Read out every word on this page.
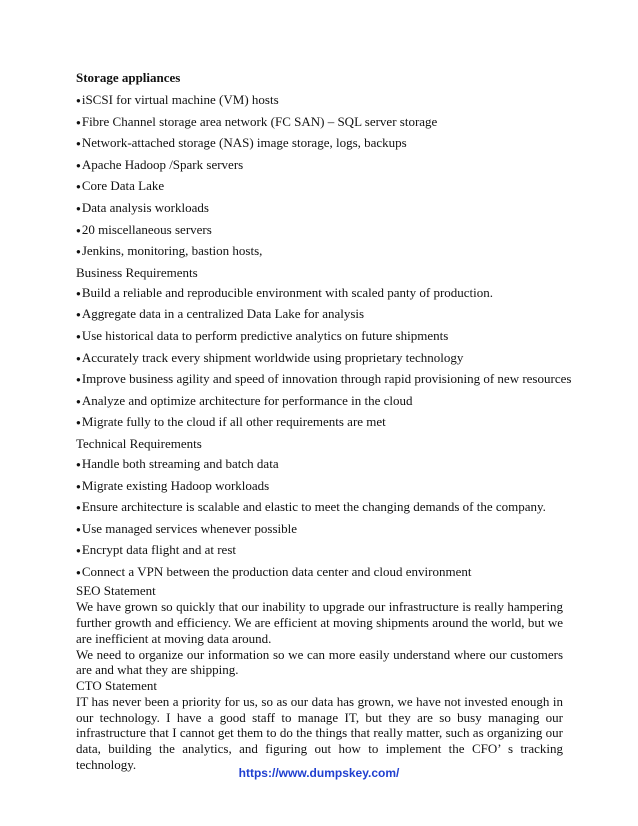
Storage appliances
●iSCSI for virtual machine (VM) hosts
●Fibre Channel storage area network (FC SAN) – SQL server storage
●Network-attached storage (NAS) image storage, logs, backups
●Apache Hadoop /Spark servers
●Core Data Lake
●Data analysis workloads
●20 miscellaneous servers
●Jenkins, monitoring, bastion hosts,
Business Requirements
●Build a reliable and reproducible environment with scaled panty of production.
●Aggregate data in a centralized Data Lake for analysis
●Use historical data to perform predictive analytics on future shipments
●Accurately track every shipment worldwide using proprietary technology
●Improve business agility and speed of innovation through rapid provisioning of new resources
●Analyze and optimize architecture for performance in the cloud
●Migrate fully to the cloud if all other requirements are met
Technical Requirements
●Handle both streaming and batch data
●Migrate existing Hadoop workloads
●Ensure architecture is scalable and elastic to meet the changing demands of the company.
●Use managed services whenever possible
●Encrypt data flight and at rest
●Connect a VPN between the production data center and cloud environment
SEO Statement

We have grown so quickly that our inability to upgrade our infrastructure is really hampering further growth and efficiency. We are efficient at moving shipments around the world, but we are inefficient at moving data around.

We need to organize our information so we can more easily understand where our customers are and what they are shipping.

CTO Statement

IT has never been a priority for us, so as our data has grown, we have not invested enough in our technology. I have a good staff to manage IT, but they are so busy managing our infrastructure that I cannot get them to do the things that really matter, such as organizing our data, building the analytics, and figuring out how to implement the CFO’ s tracking technology.

https://www.dumpskey.com/
